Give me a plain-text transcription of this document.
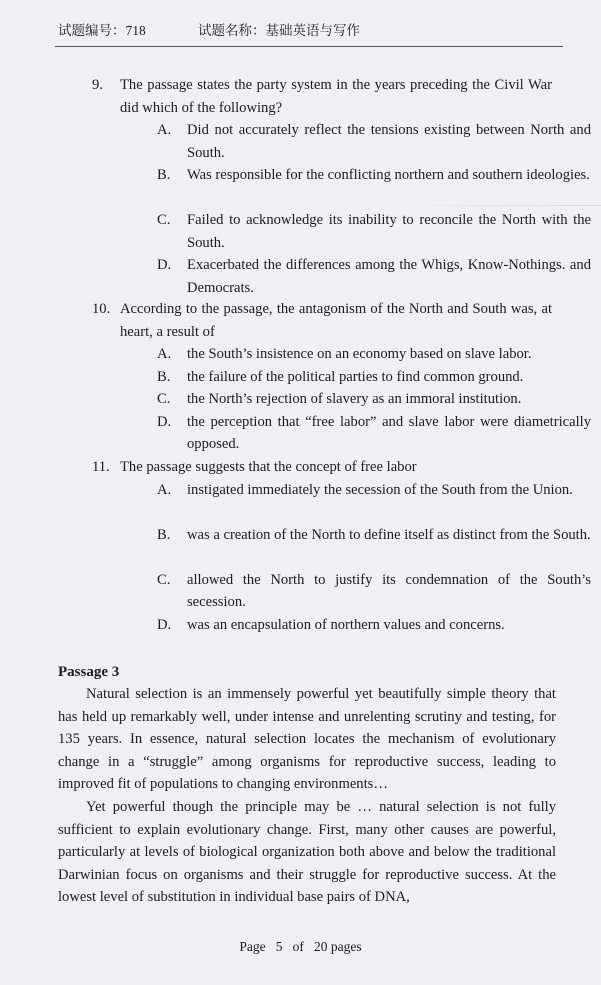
试题编号：718	试题名称：基础英语与写作
9. The passage states the party system in the years preceding the Civil War did which of the following?
A. Did not accurately reflect the tensions existing between North and South.
B. Was responsible for the conflicting northern and southern ideologies.
C. Failed to acknowledge its inability to reconcile the North with the South.
D. Exacerbated the differences among the Whigs, Know-Nothings. and Democrats.
10. According to the passage, the antagonism of the North and South was, at heart, a result of
A. the South’s insistence on an economy based on slave labor.
B. the failure of the political parties to find common ground.
C. the North’s rejection of slavery as an immoral institution.
D. the perception that “free labor” and slave labor were diametrically opposed.
11. The passage suggests that the concept of free labor
A. instigated immediately the secession of the South from the Union.
B. was a creation of the North to define itself as distinct from the South.
C. allowed the North to justify its condemnation of the South’s secession.
D. was an encapsulation of northern values and concerns.
Passage 3

Natural selection is an immensely powerful yet beautifully simple theory that has held up remarkably well, under intense and unrelenting scrutiny and testing, for 135 years. In essence, natural selection locates the mechanism of evolutionary change in a “struggle” among organisms for reproductive success, leading to improved fit of populations to changing environments…

Yet powerful though the principle may be … natural selection is not fully sufficient to explain evolutionary change. First, many other causes are powerful, particularly at levels of biological organization both above and below the traditional Darwinian focus on organisms and their struggle for reproductive success. At the lowest level of substitution in individual base pairs of DNA,

Page 5 of 20 pages
